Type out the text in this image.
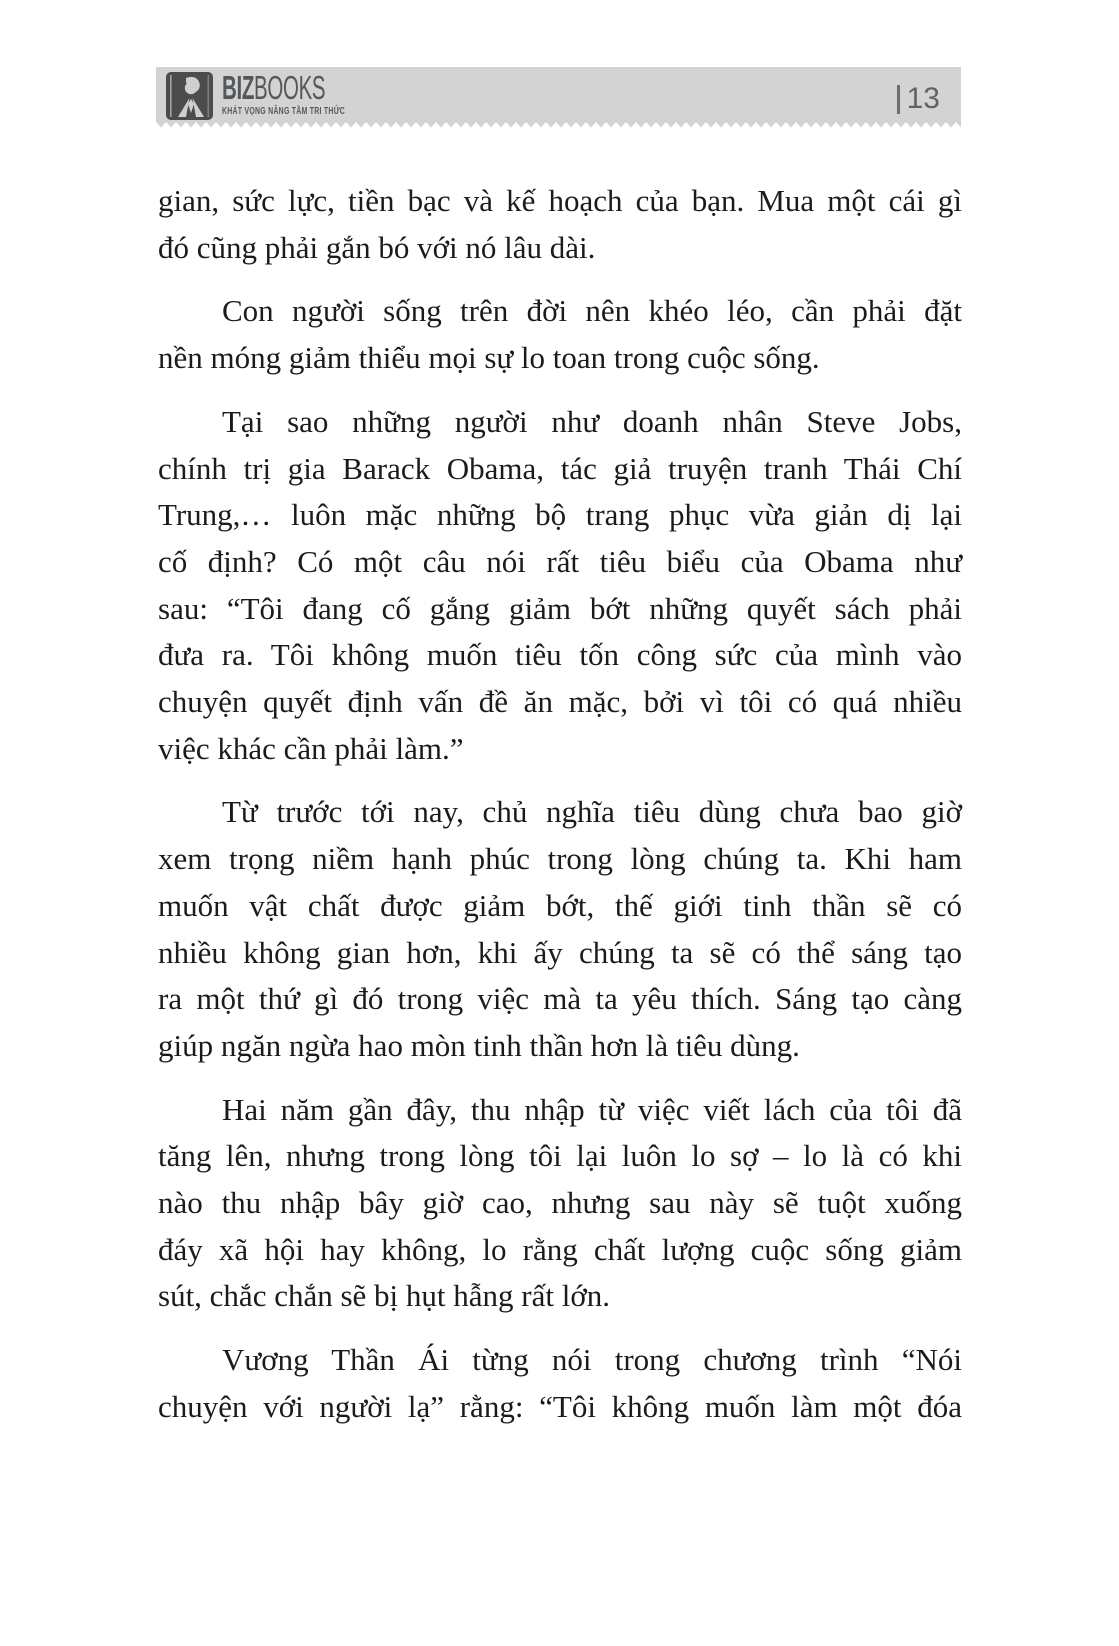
BIZBOOKS
KHÁT VỌNG NÂNG TẦM TRI THỨC	13
gian, sức lực, tiền bạc và kế hoạch của bạn. Mua một cái gì
đó cũng phải gắn bó với nó lâu dài.
Con người sống trên đời nên khéo léo, cần phải đặt
nền móng giảm thiểu mọi sự lo toan trong cuộc sống.
Tại sao những người như doanh nhân Steve Jobs,
chính trị gia Barack Obama, tác giả truyện tranh Thái Chí
Trung,… luôn mặc những bộ trang phục vừa giản dị lại
cố định? Có một câu nói rất tiêu biểu của Obama như
sau: “Tôi đang cố gắng giảm bớt những quyết sách phải
đưa ra. Tôi không muốn tiêu tốn công sức của mình vào
chuyện quyết định vấn đề ăn mặc, bởi vì tôi có quá nhiều
việc khác cần phải làm.”
Từ trước tới nay, chủ nghĩa tiêu dùng chưa bao giờ
xem trọng niềm hạnh phúc trong lòng chúng ta. Khi ham
muốn vật chất được giảm bớt, thế giới tinh thần sẽ có
nhiều không gian hơn, khi ấy chúng ta sẽ có thể sáng tạo
ra một thứ gì đó trong việc mà ta yêu thích. Sáng tạo càng
giúp ngăn ngừa hao mòn tinh thần hơn là tiêu dùng.
Hai năm gần đây, thu nhập từ việc viết lách của tôi đã
tăng lên, nhưng trong lòng tôi lại luôn lo sợ – lo là có khi
nào thu nhập bây giờ cao, nhưng sau này sẽ tuột xuống
đáy xã hội hay không, lo rằng chất lượng cuộc sống giảm
sút, chắc chắn sẽ bị hụt hẫng rất lớn.
Vương Thần Ái từng nói trong chương trình “Nói
chuyện với người lạ” rằng: “Tôi không muốn làm một đóa
